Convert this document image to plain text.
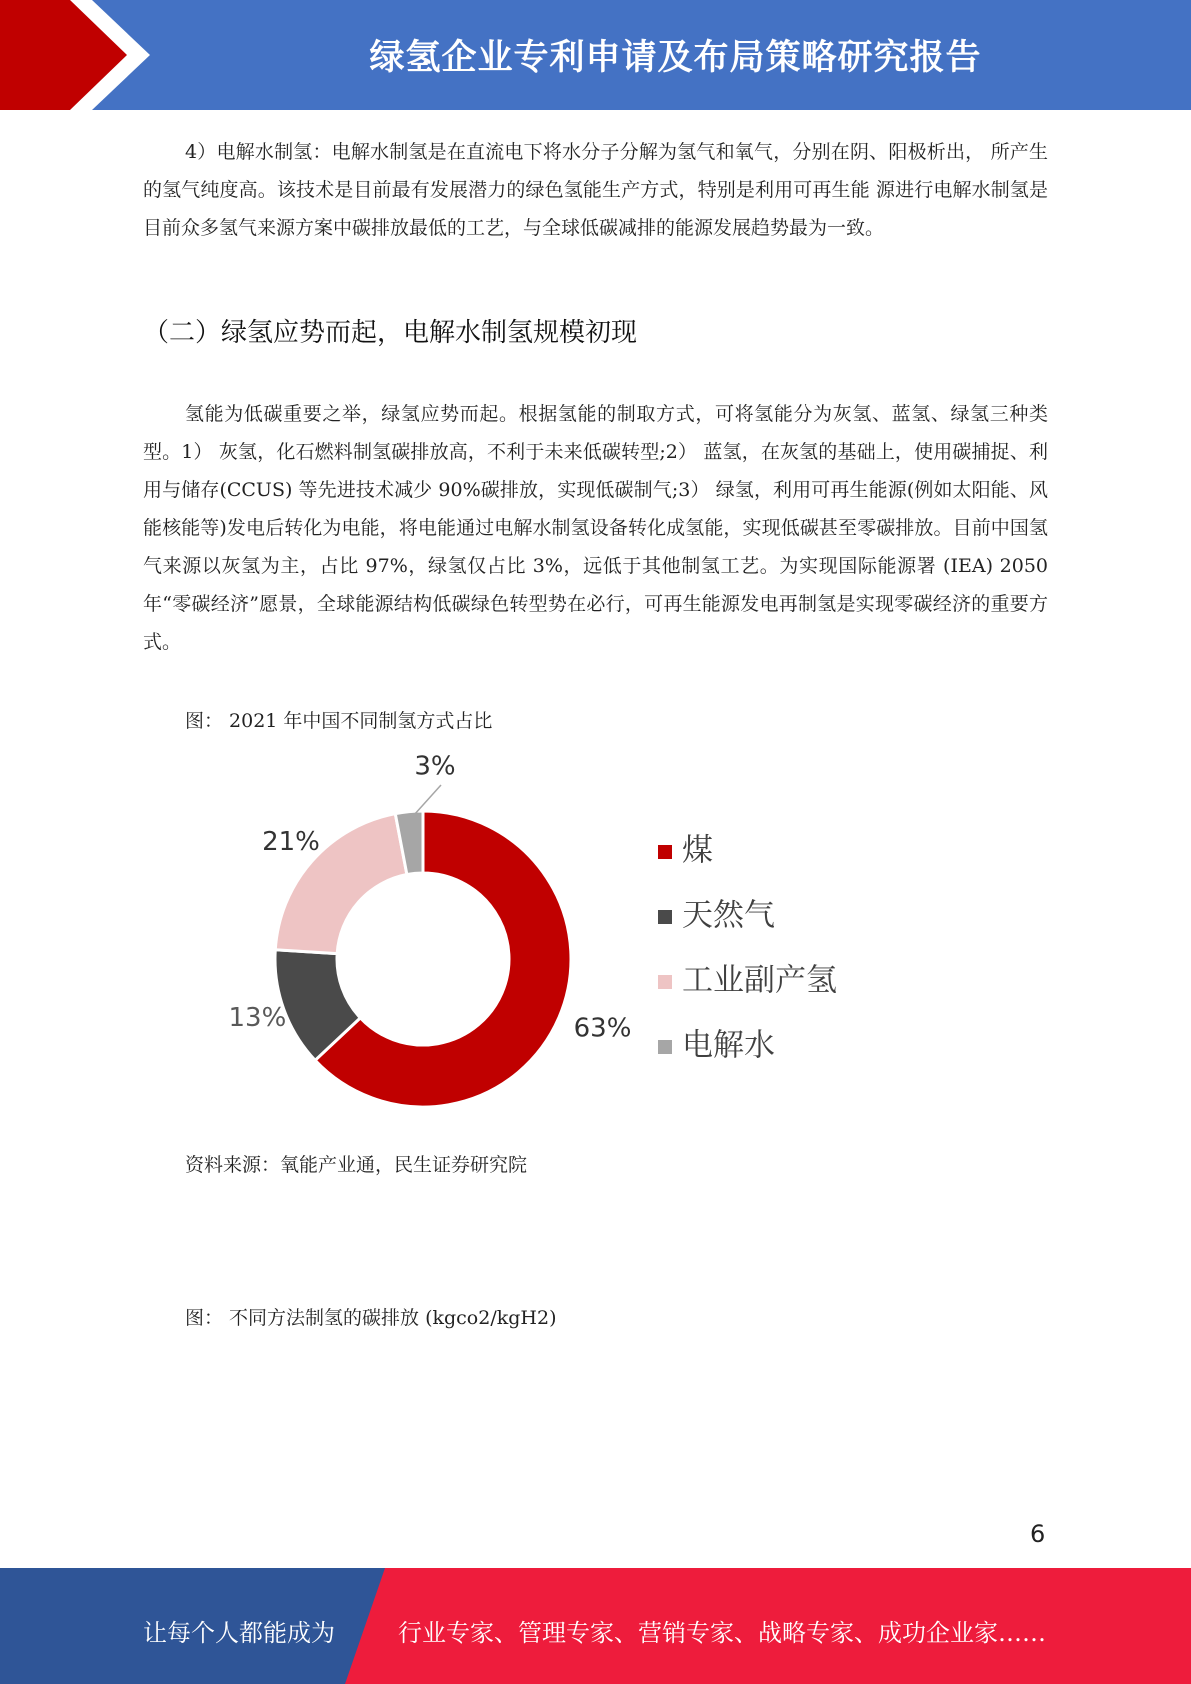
绿氢企业专利申请及布局策略研究报告

4）电解水制氢：电解水制氢是在直流电下将水分子分解为氢气和氧气，分别在阴、阳极析出， 所产生的氢气纯度高。该技术是目前最有发展潜力的绿色氢能生产方式，特别是利用可再生能 源进行电解水制氢是目前众多氢气来源方案中碳排放最低的工艺，与全球低碳减排的能源发展趋势最为一致。

（二）绿氢应势而起，电解水制氢规模初现

氢能为低碳重要之举，绿氢应势而起。根据氢能的制取方式，可将氢能分为灰氢、蓝氢、绿氢三种类型。1） 灰氢，化石燃料制氢碳排放高，不利于未来低碳转型;2） 蓝氢，在灰氢的基础上，使用碳捕捉、利用与储存(CCUS) 等先进技术减少 90%碳排放，实现低碳制气;3） 绿氢，利用可再生能源(例如太阳能、风能核能等)发电后转化为电能，将电能通过电解水制氢设备转化成氢能，实现低碳甚至零碳排放。目前中国氢气来源以灰氢为主，占比 97%，绿氢仅占比 3%，远低于其他制氢工艺。为实现国际能源署 (IEA) 2050 年“零碳经济”愿景，全球能源结构低碳绿色转型势在必行，可再生能源发电再制氢是实现零碳经济的重要方式。

图： 2021 年中国不同制氢方式占比

63%
13%
21%
3%
煤
天然气
工业副产氢
电解水

资料来源：氧能产业通，民生证券研究院

图： 不同方法制氢的碳排放 (kgco2/kgH2)

6
让每个人都能成为	行业专家、管理专家、营销专家、战略专家、成功企业家……
